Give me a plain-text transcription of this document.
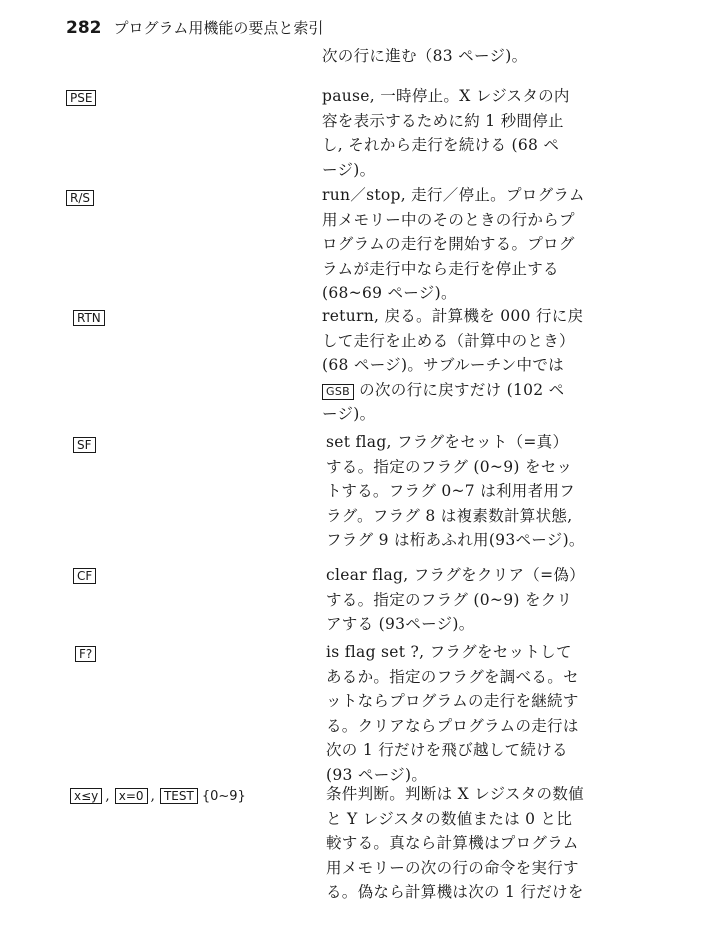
282 プログラム用機能の要点と索引
次の行に進む（83 ページ)。
PSE	pause, 一時停止。X レジスタの内
容を表示するために約 1 秒間停止
し, それから走行を続ける (68 ペ
ージ)。
R/S	run／stop, 走行／停止。プログラム
用メモリー中のそのときの行からプ
ログラムの走行を開始する。プログ
ラムが走行中なら走行を停止する
(68~69 ページ)。
RTN	return, 戻る。計算機を 000 行に戻
して走行を止める（計算中のとき）
(68 ページ)。サブルーチン中では
GSB の次の行に戻すだけ (102 ペ
ージ)。
SF	set flag, フラグをセット（=真）
する。指定のフラグ (0~9) をセッ
トする。フラグ 0~7 は利用者用フ
ラグ。フラグ 8 は複素数計算状態,
フラグ 9 は桁あふれ用(93ページ)。
CF	clear flag, フラグをクリア（=偽）
する。指定のフラグ (0~9) をクリ
アする (93ページ)。
F?	is flag set ?, フラグをセットして
あるか。指定のフラグを調べる。セ
ットならプログラムの走行を継続す
る。クリアならプログラムの走行は
次の 1 行だけを飛び越して続ける
(93 ページ)。
x≤y , x=0 , TEST {0~9}	条件判断。判断は X レジスタの数値
と Y レジスタの数値または 0 と比
較する。真なら計算機はプログラム
用メモリーの次の行の命令を実行す
る。偽なら計算機は次の 1 行だけを
